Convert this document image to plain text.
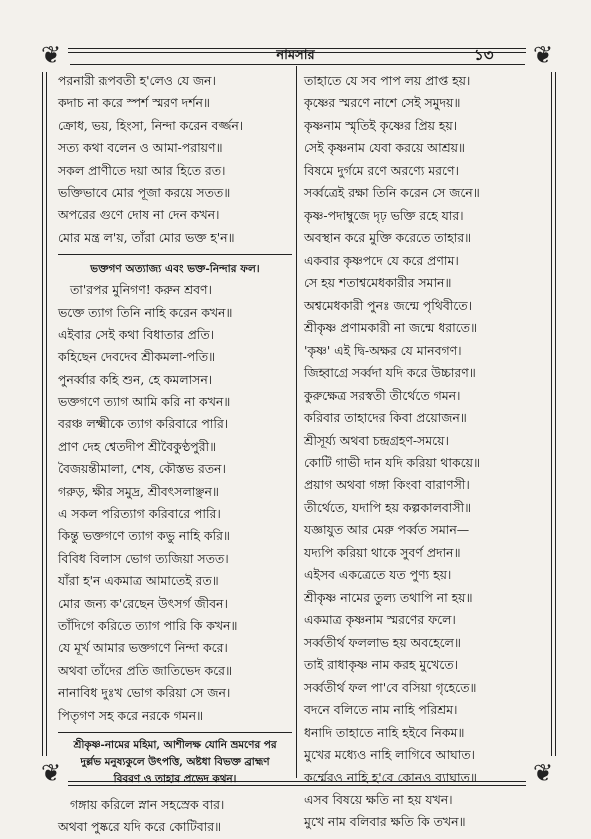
❦	❦
❦	❦
নামসার	১৩
পরনারী রূপবতী হ'লেও যে জন।
কদাচ না করে স্পর্শ স্মরণ দর্শন॥
ক্রোধ, ভয়, হিংসা, নিন্দা করেন বর্জ্জন।
সত্য কথা বলেন ও আমা-পরায়ণ॥
সকল প্রাণীতে দয়া আর হিতে রত।
ভক্তিভাবে মোর পূজা করয়ে সতত॥
অপরের গুণে দোষ না দেন কখন।
মোর মন্ত্র ল'য়, তাঁরা মোর ভক্ত হ'ন॥
ভক্তগণ অত্যাজ্য এবং ভক্ত-নিন্দার ফল।
তা'রপর মুনিগণ! করুন শ্রবণ।
ভক্তে ত্যাগ তিনি নাহি করেন কখন॥
এইবার সেই কথা বিধাতার প্রতি।
কহিছেন দেবদেব শ্রীকমলা-পতি॥
পুনর্ব্বার কহি শুন, হে কমলাসন।
ভক্তগণে ত্যাগ আমি করি না কখন॥
বরঞ্চ লক্ষ্মীকে ত্যাগ করিবারে পারি।
প্রাণ দেহ শ্বেতদীপ শ্রীবৈকুণ্ঠপুরী॥
বৈজয়ন্তীমালা, শেষ, কৌস্তভ রতন।
গরুড়, ক্ষীর সমুদ্র, শ্রীবৎসলাঞ্ছন॥
এ সকল পরিত্যাগ করিবারে পারি।
কিন্তু ভক্তগণে ত্যাগ কভু নাহি করি॥
বিবিধ বিলাস ভোগ ত্যজিয়া সতত।
যাঁরা হ'ন একমাত্র আমাতেই রত॥
মোর জন্য ক'রেছেন উৎসর্গ জীবন।
তাঁদিগে করিতে ত্যাগ পারি কি কখন॥
যে মূর্খ আমার ভক্তগণে নিন্দা করে।
অথবা তাঁদের প্রতি জাতিভেদ করে॥
নানাবিধ দুঃখ ভোগ করিয়া সে জন।
পিতৃগণ সহ করে নরকে গমন॥
শ্রীকৃষ্ণ-নামের মহিমা, আশীলক্ষ যোনি ভ্রমণের পর
দুর্ল্লভ মনুষ্যকুলে উৎপত্তি, অষ্টধা বিভক্ত ব্রাহ্মণ
বিবরণ ও তাহার প্রভেদ কথন।
গঙ্গায় করিলে স্নান সহস্রেক বার।
অথবা পুষ্করে যদি করে কোটিবার॥
তাহাতে যে সব পাপ লয় প্রাপ্ত হয়।
কৃষ্ণের স্মরণে নাশে সেই সমুদয়॥
কৃষ্ণনাম স্মৃতিই কৃষ্ণের প্রিয় হয়।
সেই কৃষ্ণনাম যেবা করয়ে আশ্রয়॥
বিষমে দুর্গমে রণে অরণ্যে মরণে।
সর্ব্বত্রেই রক্ষা তিনি করেন সে জনে॥
কৃষ্ণ-পদাম্বুজে দৃঢ় ভক্তি রহে যার।
অবস্থান করে মুক্তি করেতে তাহার॥
একবার কৃষ্ণপদে যে করে প্রণাম।
সে হয় শতাশ্বমেধকারীর সমান॥
অশ্বমেধকারী পুনঃ জন্মে পৃথিবীতে।
শ্রীকৃষ্ণ প্রণামকারী না জন্মে ধরাতে॥
'কৃষ্ণ' এই দ্বি-অক্ষর যে মানবগণ।
জিহ্বাগ্রে সর্ব্বদা যদি করে উচ্চারণ॥
কুরুক্ষেত্র সরস্বতী তীর্থেতে গমন।
করিবার তাহাদের কিবা প্রয়োজন॥
শ্রীসূর্য্য অথবা চন্দ্রগ্রহণ-সময়ে।
কোটি গাভী দান যদি করিয়া থাকয়ে॥
প্রয়াগ অথবা গঙ্গা কিংবা বারাণসী।
তীর্থেতে, যদাপি হয় কল্পকালবাসী॥
যজ্ঞাযুত আর মেরু পর্ব্বত সমান—
যদ্যপি করিয়া থাকে সুবর্ণ প্রদান॥
এইসব একত্রেতে যত পুণ্য হয়।
শ্রীকৃষ্ণ নামের তুল্য তথাপি না হয়॥
একমাত্র কৃষ্ণনাম স্মরণের ফলে।
সর্ব্বতীর্থ ফললাভ হয় অবহেলে॥
তাই রাধাকৃষ্ণ নাম করহ মুখেতে।
সর্ব্বতীর্থ ফল পা'বে বসিয়া গৃহেতে॥
বদনে বলিতে নাম নাহি পরিশ্রম।
ধনাদি তাহাতে নাহি হইবে নিকম॥
মুখের মধ্যেও নাহি লাগিবে আঘাত।
কৰ্ম্মেরও নাহি হ'বে কোনও ব্যাঘাত॥
এসব বিষয়ে ক্ষতি না হয় যখন।
মুখে নাম বলিবার ক্ষতি কি তখন॥
